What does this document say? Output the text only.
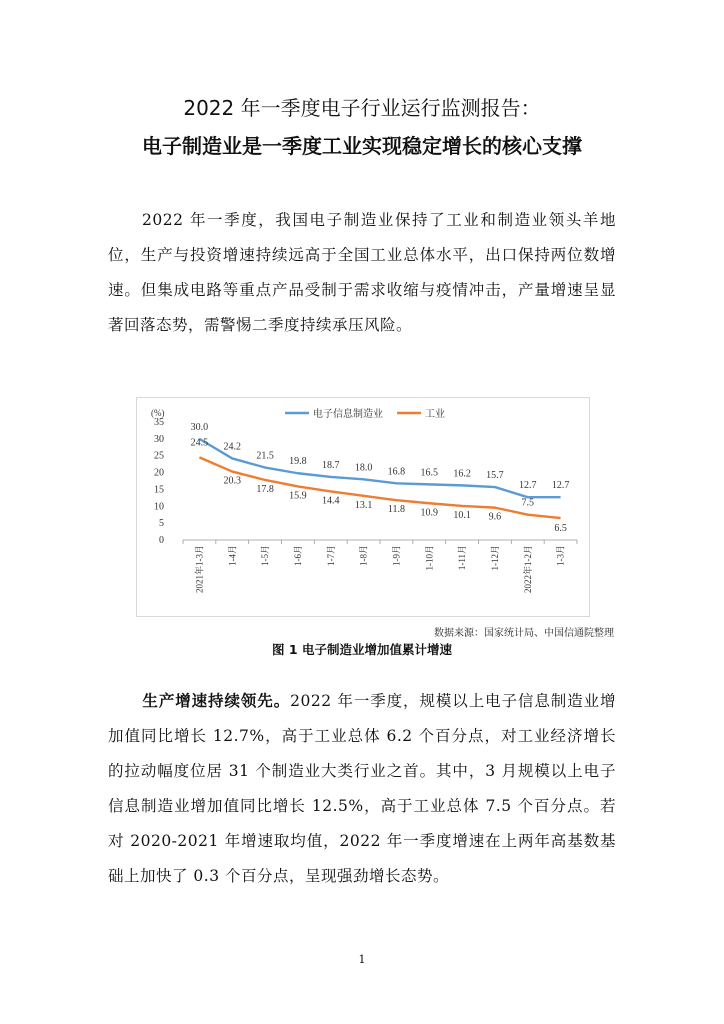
2022 年一季度电子行业运行监测报告：
电子制造业是一季度工业实现稳定增长的核心支撑
2022 年一季度，我国电子制造业保持了工业和制造业领头羊地位，生产与投资增速持续远高于全国工业总体水平，出口保持两位数增速。但集成电路等重点产品受制于需求收缩与疫情冲击，产量增速呈显著回落态势，需警惕二季度持续承压风险。
(%)
0
5
10
15
20
25
30
35
2021年1-3月	1-4月	1-5月	1-6月	1-7月	1-8月	1-9月	1-10月	1-11月	1-12月	2022年1-2月	1-3月
30.0
24.2
21.5
19.8 18.7 18.0 16.8 16.5 16.2 15.7
12.7 12.7
24.5
20.3
17.8
15.9 14.4 13.1 11.8 10.9 10.1 9.6
7.5
6.5
电子信息制造业	工业
数据来源：国家统计局、中国信通院整理
图 1 电子制造业增加值累计增速
生产增速持续领先。2022 年一季度，规模以上电子信息制造业增加值同比增长 12.7%，高于工业总体 6.2 个百分点，对工业经济增长的拉动幅度位居 31 个制造业大类行业之首。其中，3 月规模以上电子信息制造业增加值同比增长 12.5%，高于工业总体 7.5 个百分点。若对 2020-2021 年增速取均值，2022 年一季度增速在上两年高基数基础上加快了 0.3 个百分点，呈现强劲增长态势。
1
